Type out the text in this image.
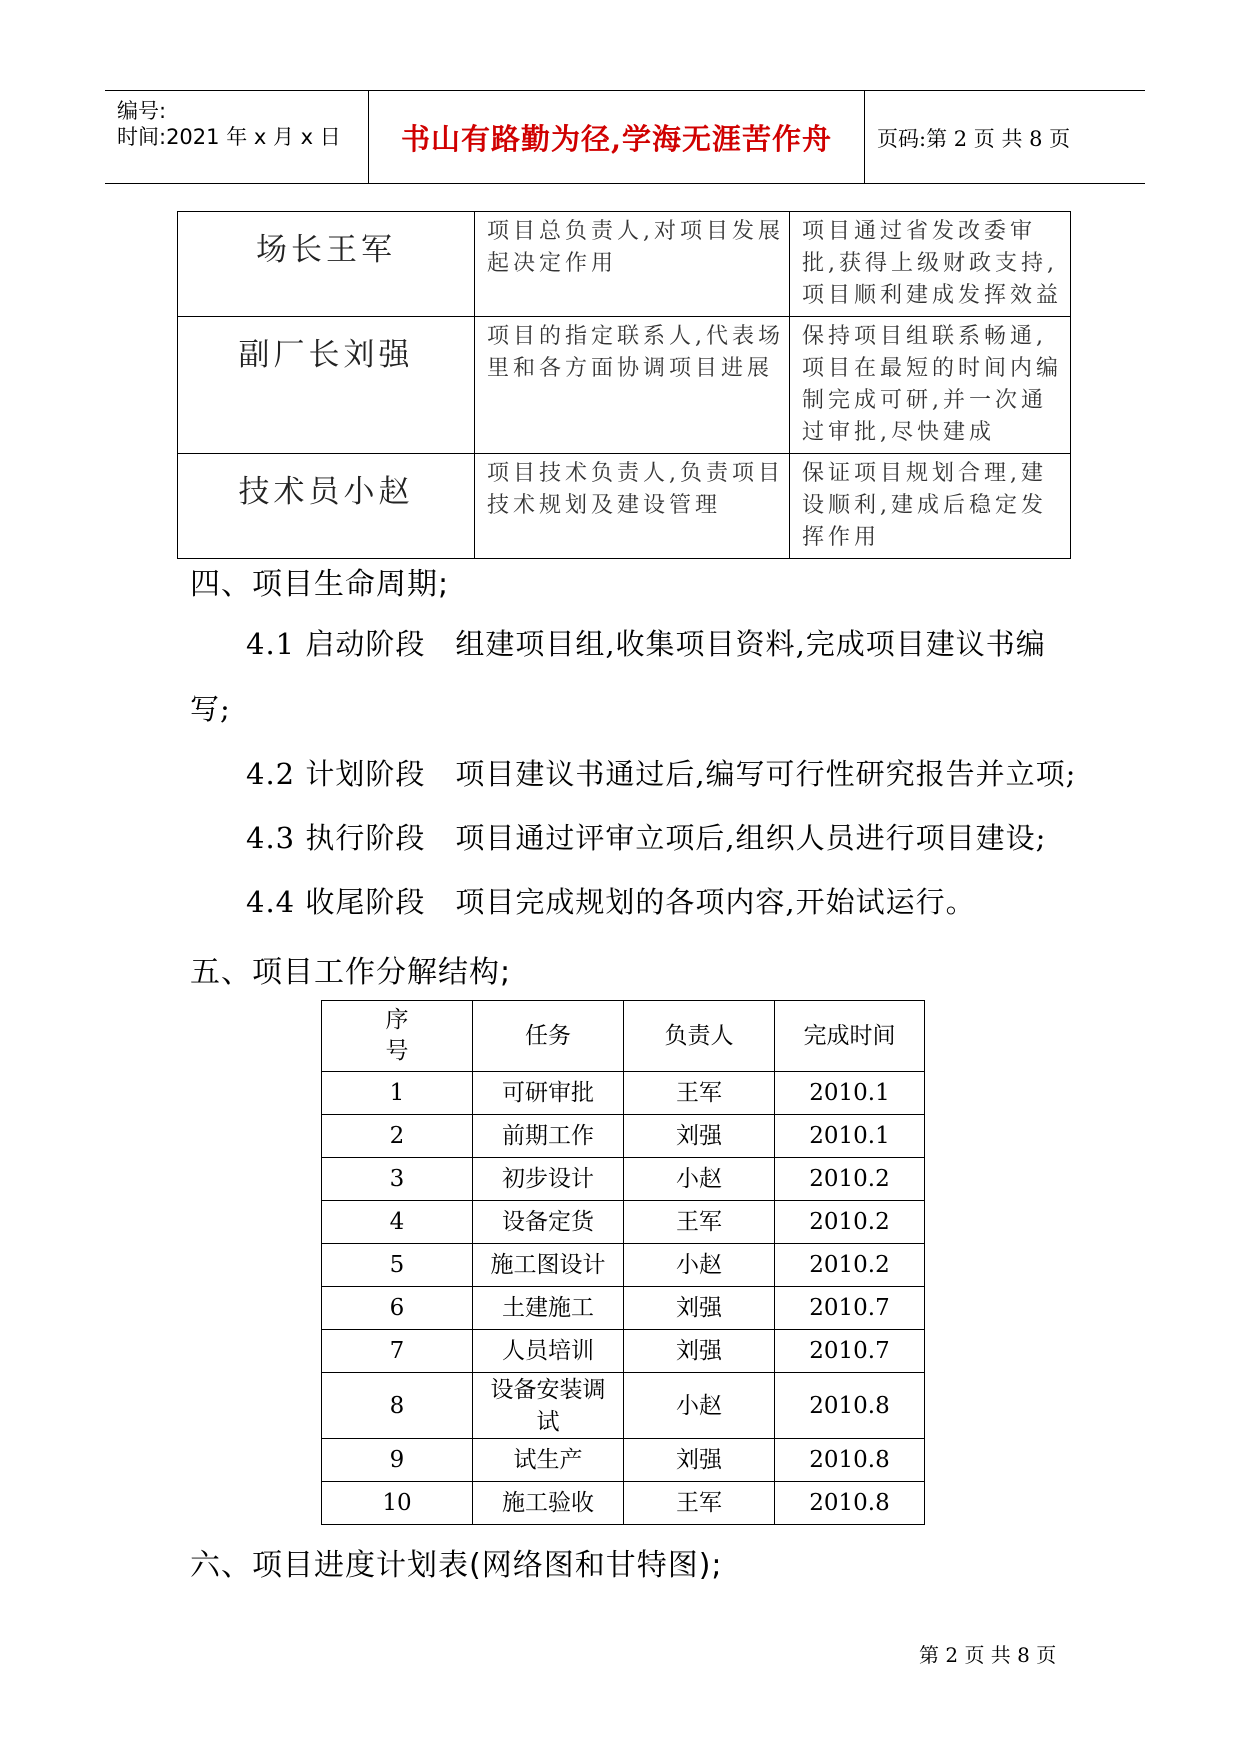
编号:
时间:2021 年 x 月 x 日	书山有路勤为径,学海无涯苦作舟	页码:第 2 页 共 8 页
场长王军	项目总负责人,对项目发展起决定作用	项目通过省发改委审批,获得上级财政支持,项目顺利建成发挥效益
副厂长刘强	项目的指定联系人,代表场里和各方面协调项目进展	保持项目组联系畅通,项目在最短的时间内编制完成可研,并一次通过审批,尽快建成
技术员小赵	项目技术负责人,负责项目技术规划及建设管理	保证项目规划合理,建设顺利,建成后稳定发挥作用
四、项目生命周期;
4.1 启动阶段 组建项目组,收集项目资料,完成项目建议书编
写;
4.2 计划阶段 项目建议书通过后,编写可行性研究报告并立项;
4.3 执行阶段 项目通过评审立项后,组织人员进行项目建设;
4.4 收尾阶段 项目完成规划的各项内容,开始试运行。
五、项目工作分解结构;
序号	任务	负责人	完成时间
1	可研审批	王军	2010.1
2	前期工作	刘强	2010.1
3	初步设计	小赵	2010.2
4	设备定货	王军	2010.2
5	施工图设计	小赵	2010.2
6	土建施工	刘强	2010.7
7	人员培训	刘强	2010.7
8	设备安装调试	小赵	2010.8
9	试生产	刘强	2010.8
10	施工验收	王军	2010.8
六、项目进度计划表(网络图和甘特图);
第 2 页 共 8 页
